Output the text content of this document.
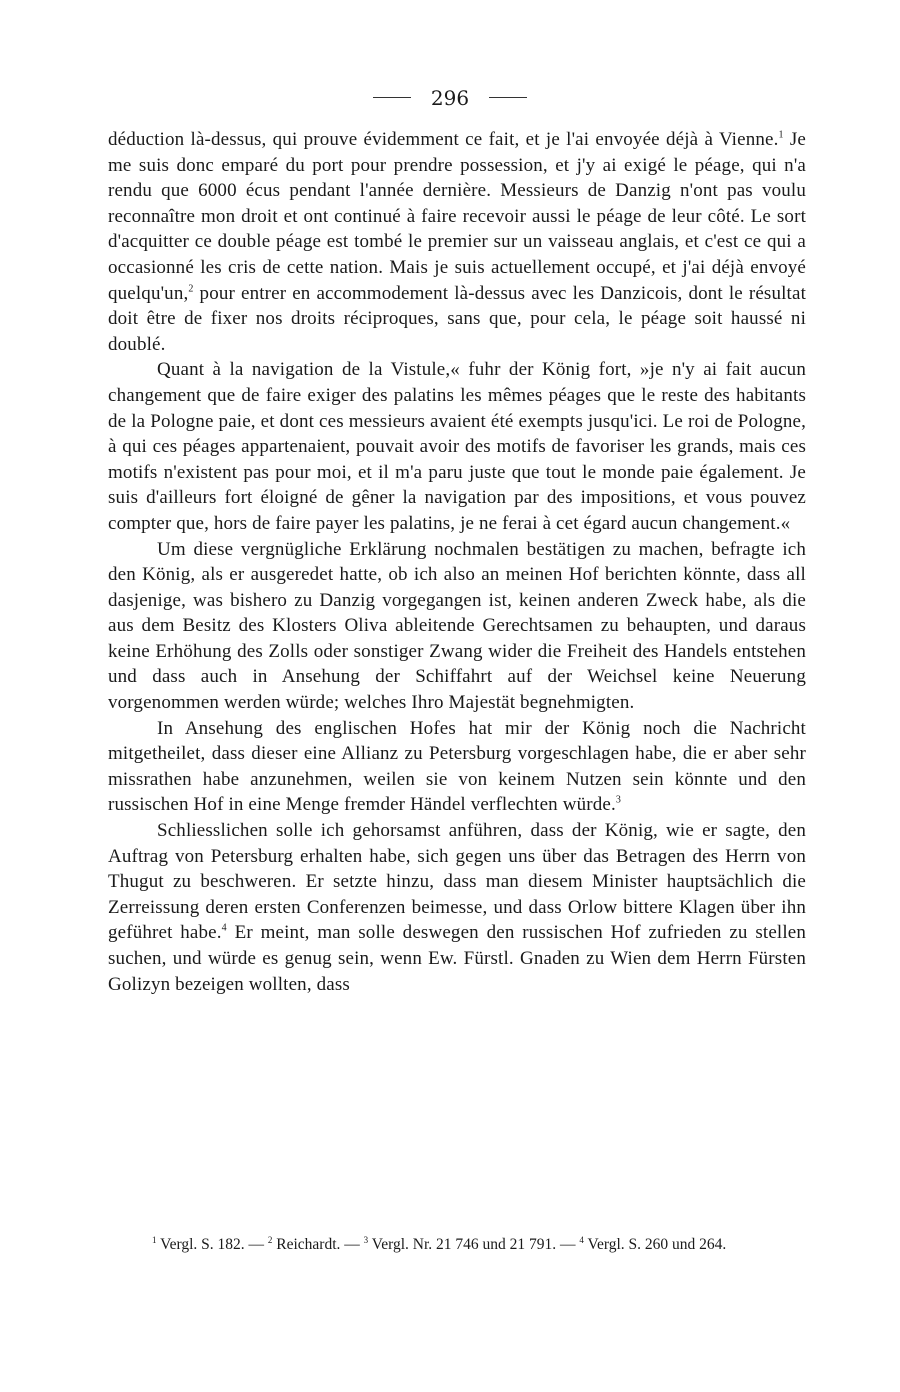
296

déduction là-dessus, qui prouve évidemment ce fait, et je l'ai envoyée déjà à Vienne.$^1$ Je me suis donc emparé du port pour prendre possession, et j'y ai exigé le péage, qui n'a rendu que 6000 écus pendant l'année dernière. Messieurs de Danzig n'ont pas voulu reconnaître mon droit et ont continué à faire recevoir aussi le péage de leur côté. Le sort d'acquitter ce double péage est tombé le premier sur un vaisseau anglais, et c'est ce qui a occasionné les cris de cette nation. Mais je suis actuellement occupé, et j'ai déjà envoyé quelqu'un,$^2$ pour entrer en accommodement là-dessus avec les Danzicois, dont le résultat doit être de fixer nos droits réciproques, sans que, pour cela, le péage soit haussé ni doublé.

Quant à la navigation de la Vistule,« fuhr der König fort, »je n'y ai fait aucun changement que de faire exiger des palatins les mêmes péages que le reste des habitants de la Pologne paie, et dont ces messieurs avaient été exempts jusqu'ici. Le roi de Pologne, à qui ces péages appartenaient, pouvait avoir des motifs de favoriser les grands, mais ces motifs n'existent pas pour moi, et il m'a paru juste que tout le monde paie également. Je suis d'ailleurs fort éloigné de gêner la navigation par des impositions, et vous pouvez compter que, hors de faire payer les palatins, je ne ferai à cet égard aucun changement.«

Um diese vergnügliche Erklärung nochmalen bestätigen zu machen, befragte ich den König, als er ausgeredet hatte, ob ich also an meinen Hof berichten könnte, dass all dasjenige, was bishero zu Danzig vorgegangen ist, keinen anderen Zweck habe, als die aus dem Besitz des Klosters Oliva ableitende Gerechtsamen zu behaupten, und daraus keine Erhöhung des Zolls oder sonstiger Zwang wider die Freiheit des Handels entstehen und dass auch in Ansehung der Schiffahrt auf der Weichsel keine Neuerung vorgenommen werden würde; welches Ihro Majestät begnehmigten.

In Ansehung des englischen Hofes hat mir der König noch die Nachricht mitgetheilet, dass dieser eine Allianz zu Petersburg vorgeschlagen habe, die er aber sehr missrathen habe anzunehmen, weilen sie von keinem Nutzen sein könnte und den russischen Hof in eine Menge fremder Händel verflechten würde.$^3$

Schliesslichen solle ich gehorsamst anführen, dass der König, wie er sagte, den Auftrag von Petersburg erhalten habe, sich gegen uns über das Betragen des Herrn von Thugut zu beschweren. Er setzte hinzu, dass man diesem Minister hauptsächlich die Zerreissung deren ersten Conferenzen beimesse, und dass Orlow bittere Klagen über ihn geführet habe.$^4$ Er meint, man solle deswegen den russischen Hof zufrieden zu stellen suchen, und würde es genug sein, wenn Ew. Fürstl. Gnaden zu Wien dem Herrn Fürsten Golizyn bezeigen wollten, dass

$^1$ Vergl. S. 182. — $^2$ Reichardt. — $^3$ Vergl. Nr. 21 746 und 21 791. — $^4$ Vergl. S. 260 und 264.
